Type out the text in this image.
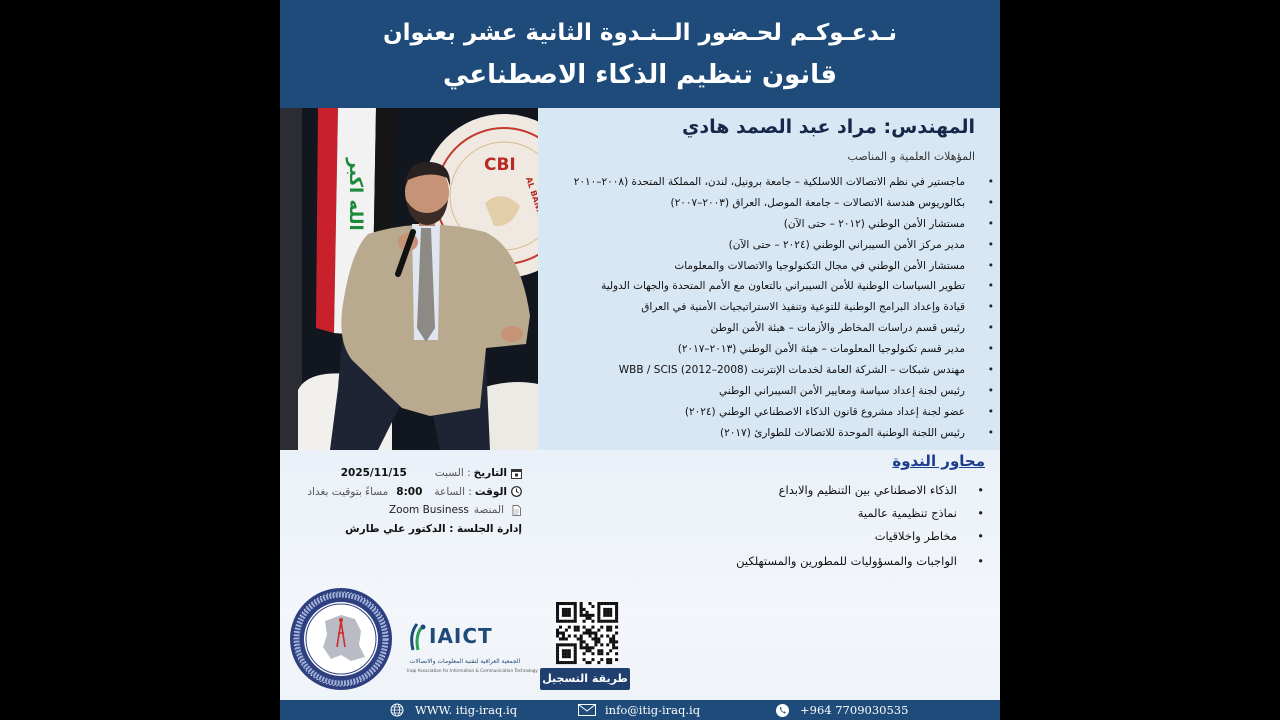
نـدعـوكـم لحـضور الــنـدوة الثانية عشر بعنوان
قانون تنظيم الذكاء الاصطناعي
الله اكبر	CBI
AL BANK
المهندس: مراد عبد الصمد هادي
المؤهلات العلمية و المناصب
• ماجستير في نظم الاتصالات اللاسلكية – جامعة برونيل، لندن، المملكة المتحدة (٢٠٠٨–٢٠١٠
• بكالوريوس هندسة الاتصالات – جامعة الموصل، العراق (٢٠٠٣–٢٠٠٧)
• مستشار الأمن الوطني (٢٠١٢ – حتى الآن)
• مدير مركز الأمن السيبراني الوطني (٢٠٢٤ – حتى الآن)
• مستشار الأمن الوطني في مجال التكنولوجيا والاتصالات والمعلومات
• تطوير السياسات الوطنية للأمن السيبراني بالتعاون مع الأمم المتحدة والجهات الدولية
• قيادة وإعداد البرامج الوطنية للتوعية وتنفيذ الاستراتيجيات الأمنية في العراق
• رئيس قسم دراسات المخاطر والأزمات – هيئة الأمن الوطن
• مدير قسم تكنولوجيا المعلومات – هيئة الأمن الوطني (٢٠١٣–٢٠١٧)
• مهندس شبكات – الشركة العامة لخدمات الإنترنت (2008–2012) WBB / SCIS
• رئيس لجنة إعداد سياسة ومعايير الأمن السيبراني الوطني
• عضو لجنة إعداد مشروع قانون الذكاء الاصطناعي الوطني (٢٠٢٤)
• رئيس اللجنة الوطنية الموحدة للاتصالات للطوارئ (٢٠١٧)
محاور الندوة
• الذكاء الاصطناعي بين التنظيم والابداع
• نماذج تنظيمية عالمية
• مخاطر واخلاقيات
• الواجبات والمسؤوليات للمطورين والمستهلكين
التاريخ
: السبت
2025/11/15
الوقت
: الساعة
8:00
مساءً بتوقيت بغداد
المنصة
Zoom Business
إدارة الجلسة : الدكتور علي طارش
IAICT
الجمعية العراقية لتقنية المعلومات والاتصالات
Iraqi Association for Information & Communication Technology
طريقة التسجيل
WWW. itig-iraq.iq	info@itig-iraq.iq	+964 7709030535
